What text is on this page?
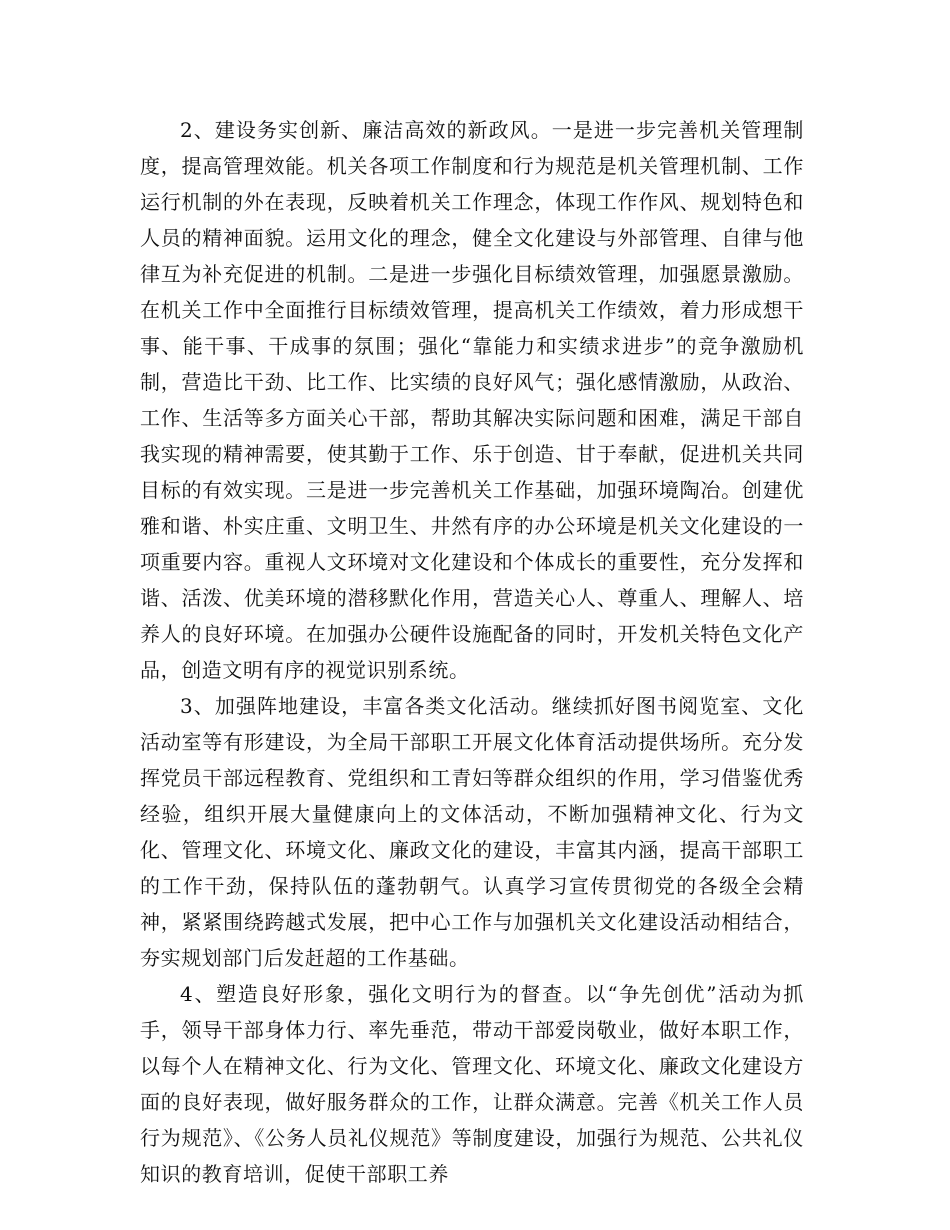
2、建设务实创新、廉洁高效的新政风。一是进一步完善机关管理制度，提高管理效能。机关各项工作制度和行为规范是机关管理机制、工作运行机制的外在表现，反映着机关工作理念，体现工作作风、规划特色和人员的精神面貌。运用文化的理念，健全文化建设与外部管理、自律与他律互为补充促进的机制。二是进一步强化目标绩效管理，加强愿景激励。在机关工作中全面推行目标绩效管理，提高机关工作绩效，着力形成想干事、能干事、干成事的氛围；强化“靠能力和实绩求进步”的竞争激励机制，营造比干劲、比工作、比实绩的良好风气；强化感情激励，从政治、工作、生活等多方面关心干部，帮助其解决实际问题和困难，满足干部自我实现的精神需要，使其勤于工作、乐于创造、甘于奉献，促进机关共同目标的有效实现。三是进一步完善机关工作基础，加强环境陶冶。创建优雅和谐、朴实庄重、文明卫生、井然有序的办公环境是机关文化建设的一项重要内容。重视人文环境对文化建设和个体成长的重要性，充分发挥和谐、活泼、优美环境的潜移默化作用，营造关心人、尊重人、理解人、培养人的良好环境。在加强办公硬件设施配备的同时，开发机关特色文化产品，创造文明有序的视觉识别系统。

3、加强阵地建设，丰富各类文化活动。继续抓好图书阅览室、文化活动室等有形建设，为全局干部职工开展文化体育活动提供场所。充分发挥党员干部远程教育、党组织和工青妇等群众组织的作用，学习借鉴优秀经验，组织开展大量健康向上的文体活动，不断加强精神文化、行为文化、管理文化、环境文化、廉政文化的建设，丰富其内涵，提高干部职工的工作干劲，保持队伍的蓬勃朝气。认真学习宣传贯彻党的各级全会精神，紧紧围绕跨越式发展，把中心工作与加强机关文化建设活动相结合，夯实规划部门后发赶超的工作基础。

4、塑造良好形象，强化文明行为的督查。以“争先创优”活动为抓手，领导干部身体力行、率先垂范，带动干部爱岗敬业，做好本职工作，以每个人在精神文化、行为文化、管理文化、环境文化、廉政文化建设方面的良好表现，做好服务群众的工作，让群众满意。完善《机关工作人员行为规范》、《公务人员礼仪规范》等制度建设，加强行为规范、公共礼仪知识的教育培训，促使干部职工养
